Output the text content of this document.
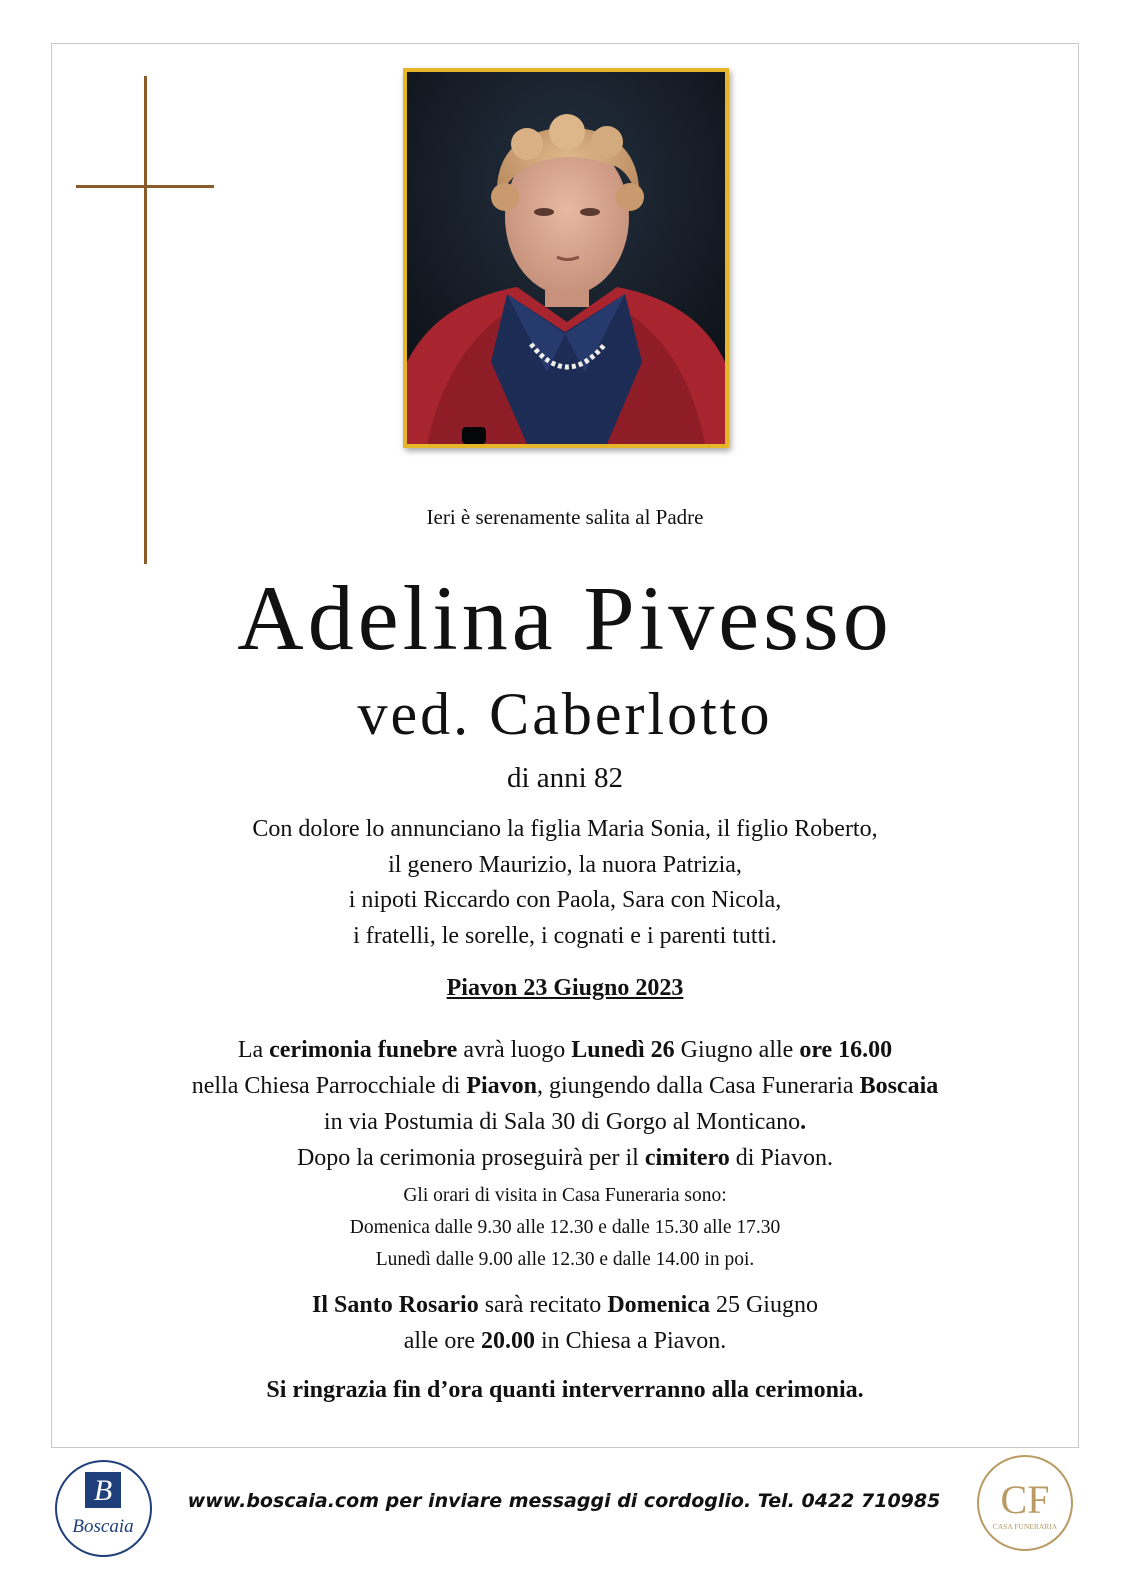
Ieri è serenamente salita al Padre
Adelina Pivesso
ved. Caberlotto
di anni 82
Con dolore lo annunciano la figlia Maria Sonia, il figlio Roberto,
il genero Maurizio, la nuora Patrizia,
i nipoti Riccardo con Paola, Sara con Nicola,
i fratelli, le sorelle, i cognati e i parenti tutti.
Piavon 23 Giugno 2023
La cerimonia funebre avrà luogo Lunedì 26 Giugno alle ore 16.00
nella Chiesa Parrocchiale di Piavon, giungendo dalla Casa Funeraria Boscaia
in via Postumia di Sala 30 di Gorgo al Monticano.
Dopo la cerimonia proseguirà per il cimitero di Piavon.
Gli orari di visita in Casa Funeraria sono:
Domenica dalle 9.30 alle 12.30 e dalle 15.30 alle 17.30
Lunedì dalle 9.00 alle 12.30 e dalle 14.00 in poi.
Il Santo Rosario sarà recitato Domenica 25 Giugno
alle ore 20.00 in Chiesa a Piavon.
Si ringrazia fin d’ora quanti interverranno alla cerimonia.
B
Boscaia
www.boscaia.com per inviare messaggi di cordoglio. Tel. 0422 710985	CF
CASA FUNERARIA
